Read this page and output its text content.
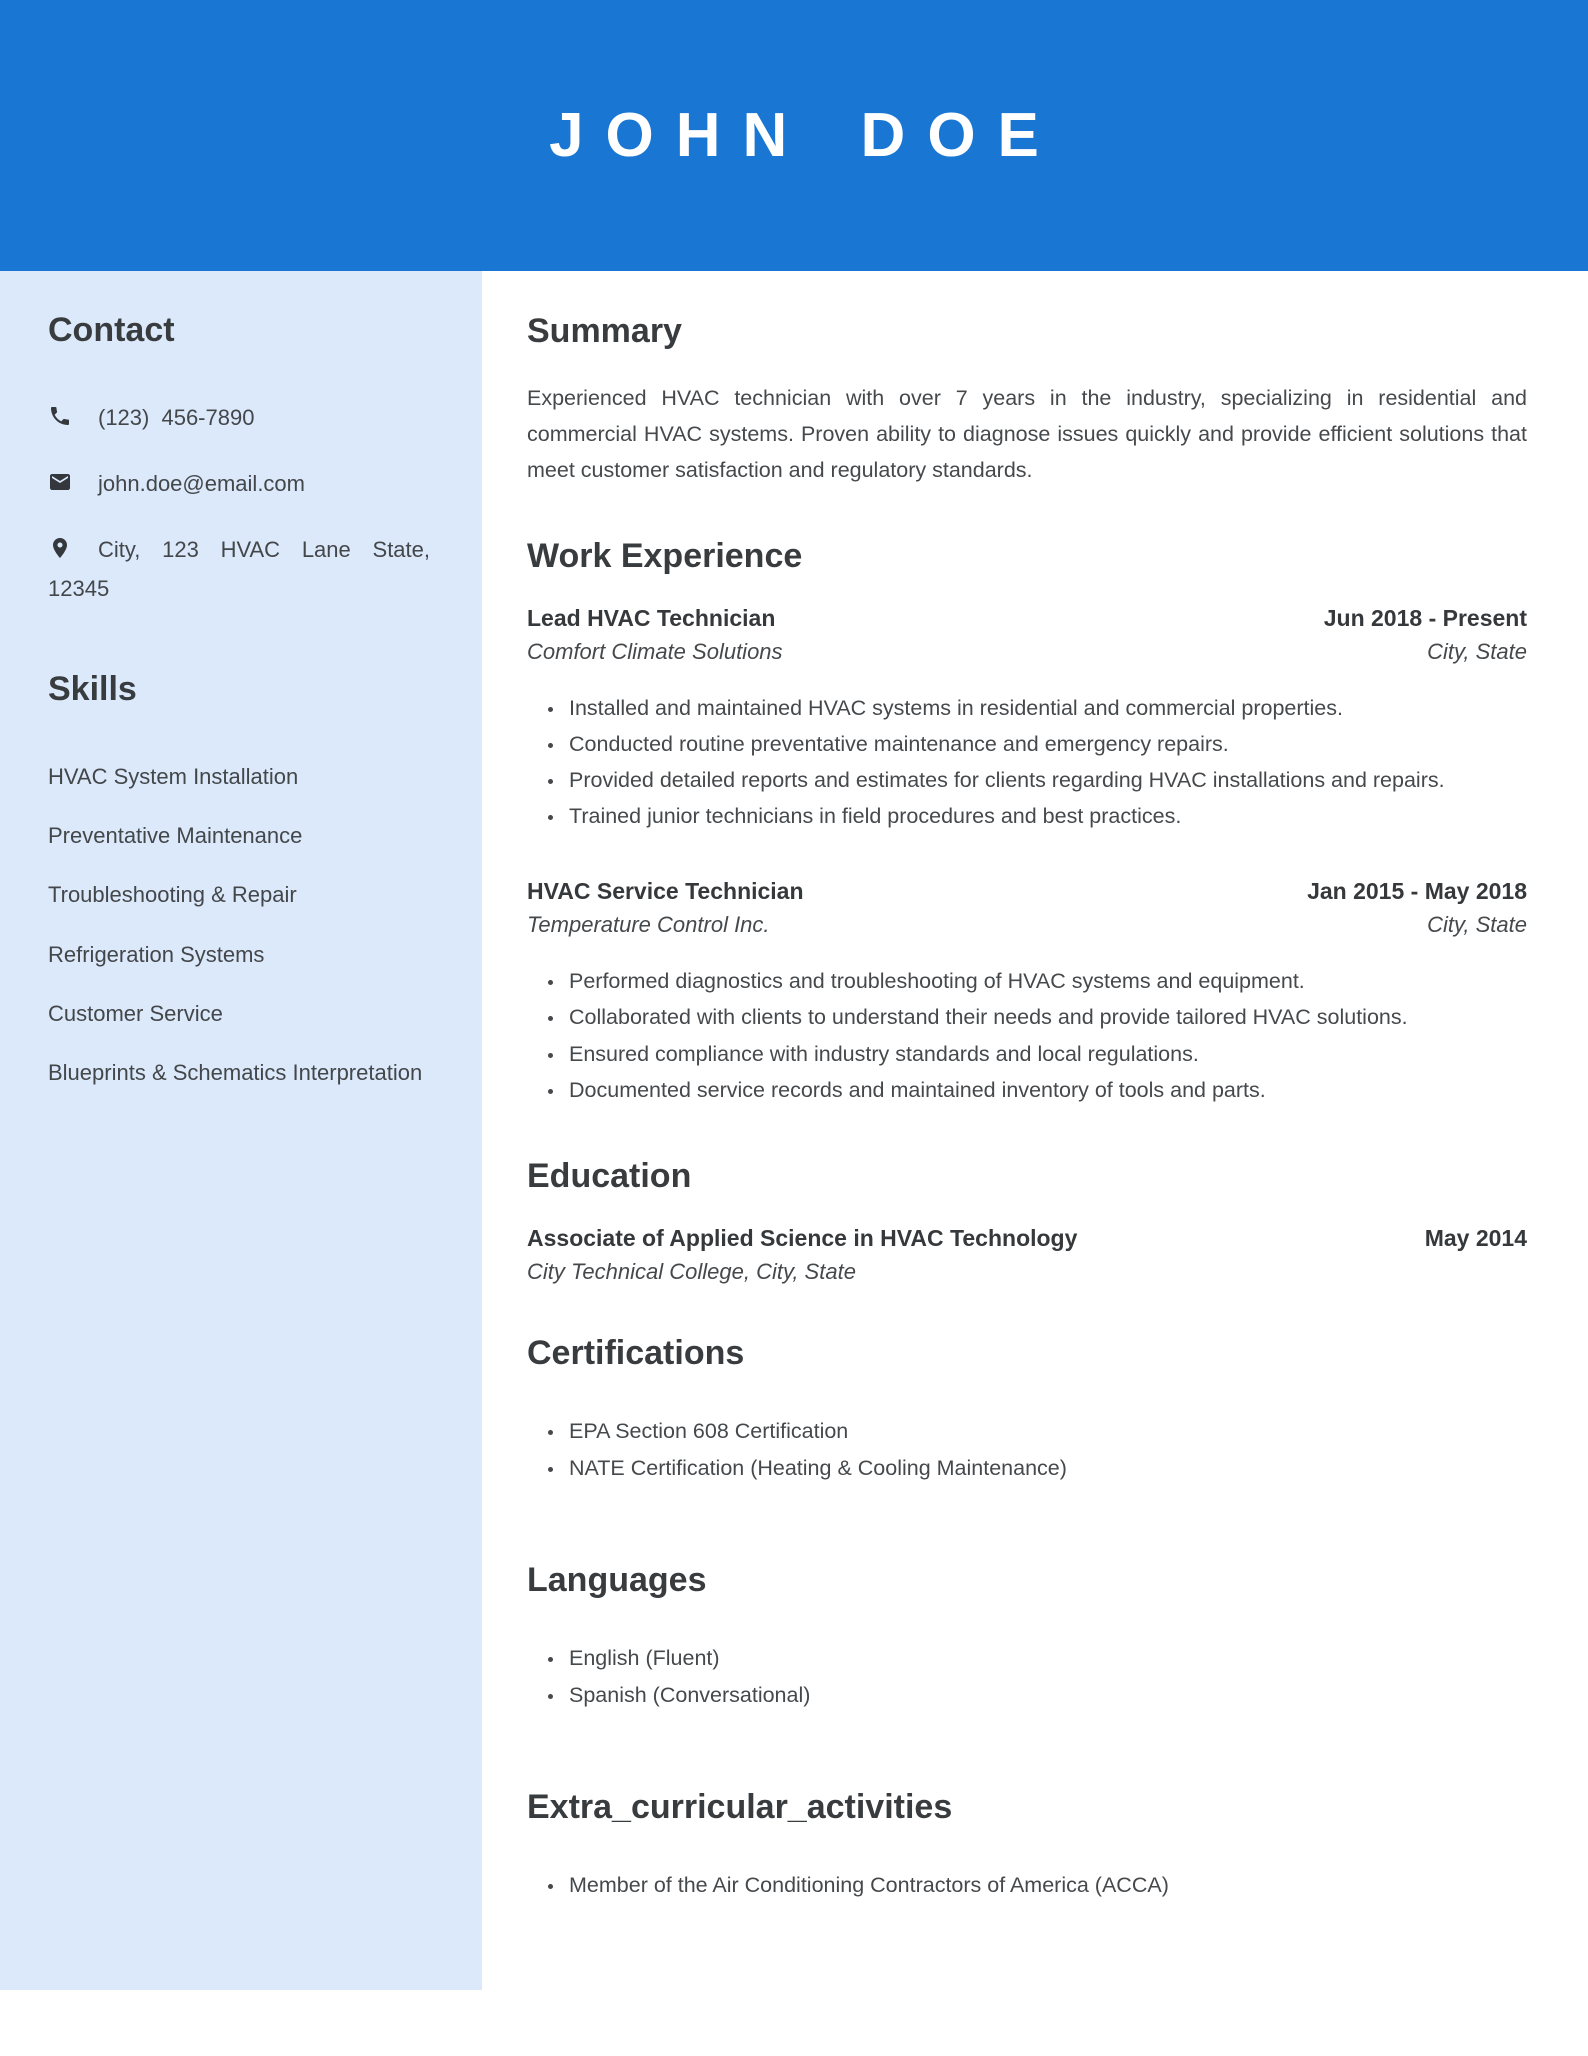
JOHN DOE
Contact

(123) 456-7890

john.doe@email.com

City, 123 HVAC Lane State, 12345

Skills
HVAC System Installation
Preventative Maintenance
Troubleshooting & Repair
Refrigeration Systems
Customer Service
Blueprints & Schematics Interpretation
Summary

Experienced HVAC technician with over 7 years in the industry, specializing in residential and commercial HVAC systems. Proven ability to diagnose issues quickly and provide efficient solutions that meet customer satisfaction and regulatory standards.

Work Experience
Lead HVAC Technician	Jun 2018 - Present
Comfort Climate Solutions	City, State
• Installed and maintained HVAC systems in residential and commercial properties.
• Conducted routine preventative maintenance and emergency repairs.
• Provided detailed reports and estimates for clients regarding HVAC installations and repairs.
• Trained junior technicians in field procedures and best practices.
HVAC Service Technician	Jan 2015 - May 2018
Temperature Control Inc.	City, State
• Performed diagnostics and troubleshooting of HVAC systems and equipment.
• Collaborated with clients to understand their needs and provide tailored HVAC solutions.
• Ensured compliance with industry standards and local regulations.
• Documented service records and maintained inventory of tools and parts.
Education
Associate of Applied Science in HVAC Technology	May 2014
City Technical College, City, State
Certifications
• EPA Section 608 Certification
• NATE Certification (Heating & Cooling Maintenance)
Languages
• English (Fluent)
• Spanish (Conversational)
Extra_curricular_activities
• Member of the Air Conditioning Contractors of America (ACCA)
